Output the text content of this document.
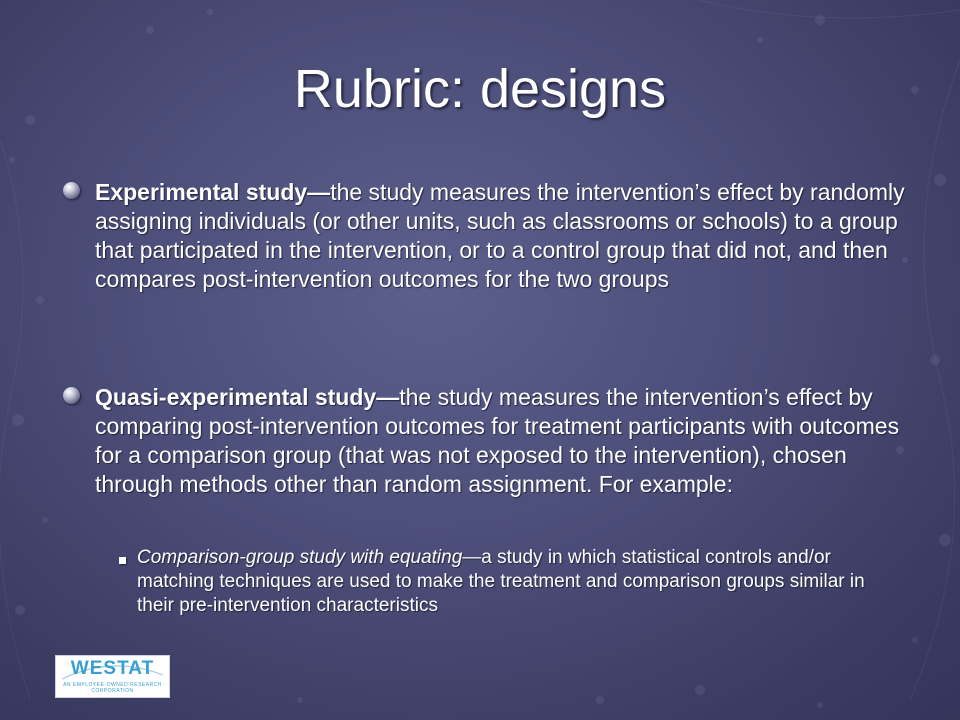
Rubric: designs

Experimental study—the study measures the intervention’s effect by randomly assigning individuals (or other units, such as classrooms or schools) to a group that participated in the intervention, or to a control group that did not, and then compares post-intervention outcomes for the two groups

Quasi-experimental study—the study measures the intervention’s effect by comparing post-intervention outcomes for treatment participants with outcomes for a comparison group (that was not exposed to the intervention), chosen through methods other than random assignment. For example:

Comparison-group study with equating—a study in which statistical controls and/or matching techniques are used to make the treatment and comparison groups similar in their pre-intervention characteristics

WESTAT
AN EMPLOYEE-OWNED RESEARCH CORPORATION
